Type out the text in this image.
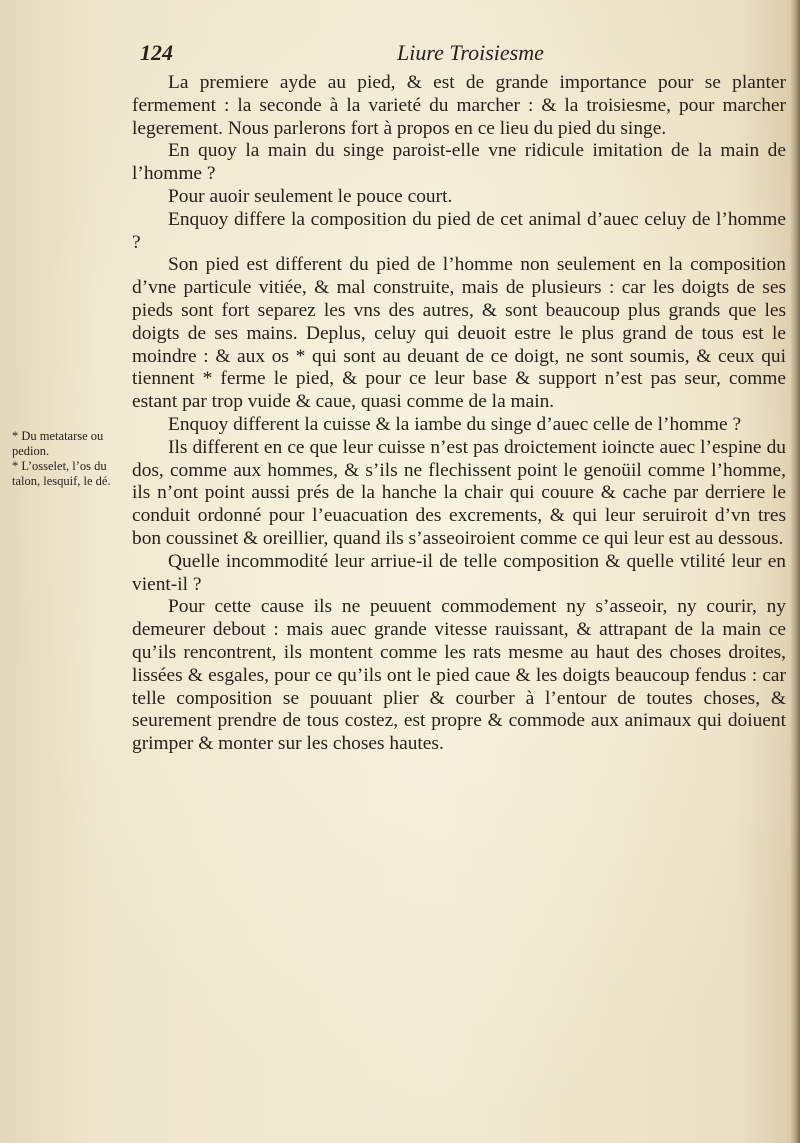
124	Liure Troisiesme
* Du metatarse ou pedion.
* L’osselet, l’os du talon, lesquif, le dé.

La premiere ayde au pied, & est de grande importance pour se planter fermement : la seconde à la varieté du marcher : & la troisiesme, pour marcher legerement. Nous parlerons fort à propos en ce lieu du pied du singe.

En quoy la main du singe paroist-elle vne ridicule imitation de la main de l’homme ?

Pour auoir seulement le pouce court.

Enquoy differe la composition du pied de cet animal d’auec celuy de l’homme ?

Son pied est different du pied de l’homme non seulement en la composition d’vne particule vitiée, & mal construite, mais de plusieurs : car les doigts de ses pieds sont fort separez les vns des autres, & sont beaucoup plus grands que les doigts de ses mains. Deplus, celuy qui deuoit estre le plus grand de tous est le moindre : & aux os * qui sont au deuant de ce doigt, ne sont soumis, & ceux qui tiennent * ferme le pied, & pour ce leur base & support n’est pas seur, comme estant par trop vuide & caue, quasi comme de la main.

Enquoy different la cuisse & la iambe du singe d’auec celle de l’homme ?

Ils different en ce que leur cuisse n’est pas droictement ioincte auec l’espine du dos, comme aux hommes, & s’ils ne flechissent point le genoüil comme l’homme, ils n’ont point aussi prés de la hanche la chair qui couure & cache par derriere le conduit ordonné pour l’euacuation des excrements, & qui leur seruiroit d’vn tres bon coussinet & oreillier, quand ils s’asseoiroient comme ce qui leur est au dessous.

Quelle incommodité leur arriue-il de telle composition & quelle vtilité leur en vient-il ?

Pour cette cause ils ne peuuent commodement ny s’asseoir, ny courir, ny demeurer debout : mais auec grande vitesse rauissant, & attrapant de la main ce qu’ils rencontrent, ils montent comme les rats mesme au haut des choses droites, lissées & esgales, pour ce qu’ils ont le pied caue & les doigts beaucoup fendus : car telle composition se pouuant plier & courber à l’entour de toutes choses, & seurement prendre de tous costez, est propre & commode aux animaux qui doiuent grimper & monter sur les choses hautes.
